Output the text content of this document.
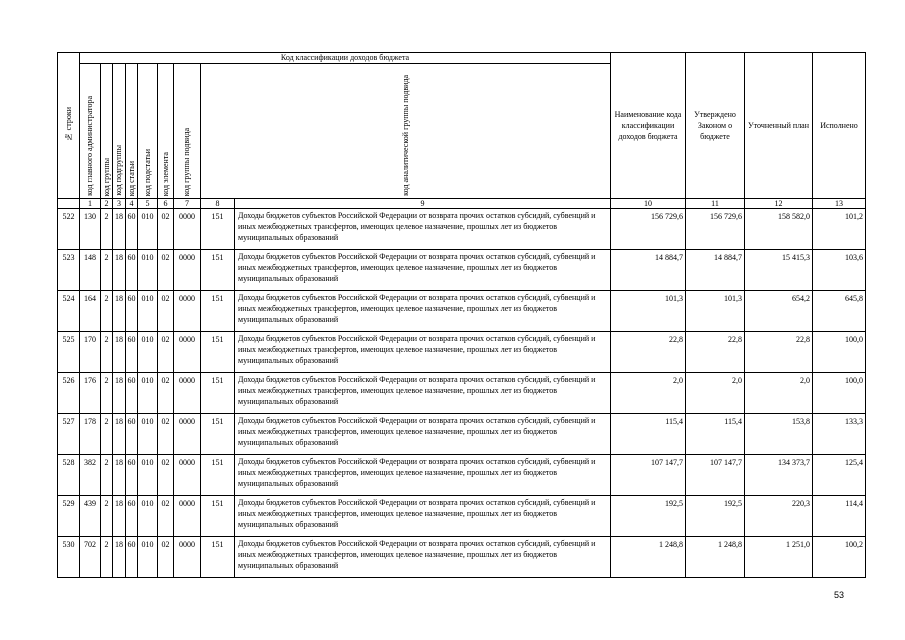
№ строки	Код классификации доходов бюджета									Наименование кода классификации доходов бюджета	Утверждено Законом о бюджете	Уточненный план	Исполнено	
	код главного администратора	код группы	код подгруппы	код статьи	код подстатьи	код элемента	код группы подвида	код аналитической группы подвида						
	1	2	3	4	5	6	7	8	9	10	11	12	13	
522	130	2	18	60	010	02	0000	151	Доходы бюджетов субъектов Российской Федерации от возврата прочих остатков субсидий, субвенций и иных межбюджетных трансфертов, имеющих целевое назначение, прошлых лет из бюджетов муниципальных образований	156 729,6	156 729,6	158 582,0	101,2	
523	148	2	18	60	010	02	0000	151	Доходы бюджетов субъектов Российской Федерации от возврата прочих остатков субсидий, субвенций и иных межбюджетных трансфертов, имеющих целевое назначение, прошлых лет из бюджетов муниципальных образований	14 884,7	14 884,7	15 415,3	103,6	
524	164	2	18	60	010	02	0000	151	Доходы бюджетов субъектов Российской Федерации от возврата прочих остатков субсидий, субвенций и иных межбюджетных трансфертов, имеющих целевое назначение, прошлых лет из бюджетов муниципальных образований	101,3	101,3	654,2	645,8	
525	170	2	18	60	010	02	0000	151	Доходы бюджетов субъектов Российской Федерации от возврата прочих остатков субсидий, субвенций и иных межбюджетных трансфертов, имеющих целевое назначение, прошлых лет из бюджетов муниципальных образований	22,8	22,8	22,8	100,0	
526	176	2	18	60	010	02	0000	151	Доходы бюджетов субъектов Российской Федерации от возврата прочих остатков субсидий, субвенций и иных межбюджетных трансфертов, имеющих целевое назначение, прошлых лет из бюджетов муниципальных образований	2,0	2,0	2,0	100,0	
527	178	2	18	60	010	02	0000	151	Доходы бюджетов субъектов Российской Федерации от возврата прочих остатков субсидий, субвенций и иных межбюджетных трансфертов, имеющих целевое назначение, прошлых лет из бюджетов муниципальных образований	115,4	115,4	153,8	133,3	
528	382	2	18	60	010	02	0000	151	Доходы бюджетов субъектов Российской Федерации от возврата прочих остатков субсидий, субвенций и иных межбюджетных трансфертов, имеющих целевое назначение, прошлых лет из бюджетов муниципальных образований	107 147,7	107 147,7	134 373,7	125,4	
529	439	2	18	60	010	02	0000	151	Доходы бюджетов субъектов Российской Федерации от возврата прочих остатков субсидий, субвенций и иных межбюджетных трансфертов, имеющих целевое назначение, прошлых лет из бюджетов муниципальных образований	192,5	192,5	220,3	114,4	
530	702	2	18	60	010	02	0000	151	Доходы бюджетов субъектов Российской Федерации от возврата прочих остатков субсидий, субвенций и иных межбюджетных трансфертов, имеющих целевое назначение, прошлых лет из бюджетов муниципальных образований	1 248,8	1 248,8	1 251,0	100,2	
53
